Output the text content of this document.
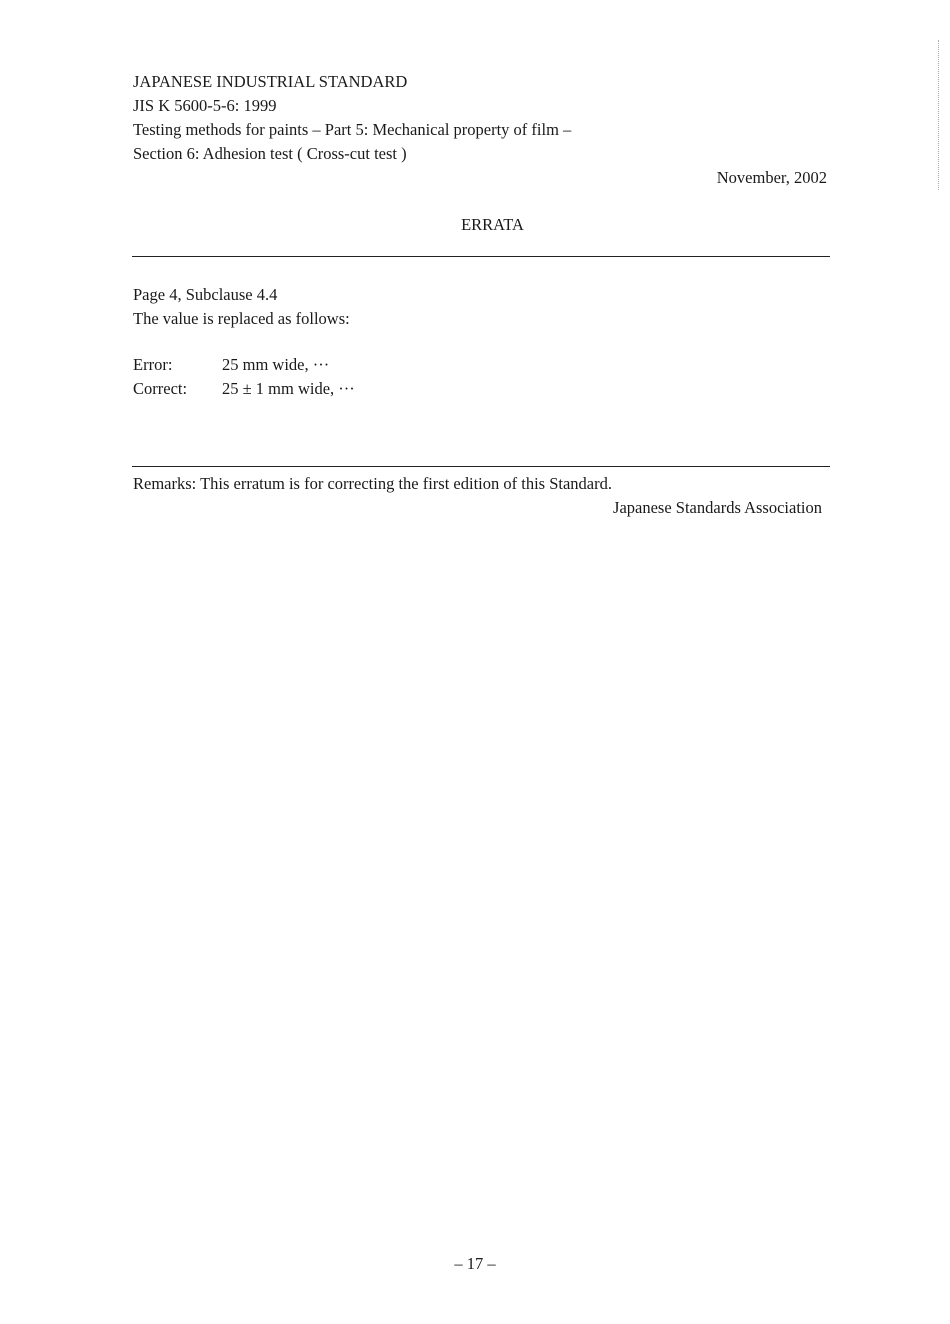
JAPANESE INDUSTRIAL STANDARD
JIS K 5600-5-6: 1999
Testing methods for paints – Part 5: Mechanical property of film –
Section 6: Adhesion test ( Cross-cut test )
November, 2002
ERRATA
Page 4, Subclause 4.4
The value is replaced as follows:
Error:	25 mm wide, ···
Correct:	25 ± 1 mm wide, ···
Remarks: This erratum is for correcting the first edition of this Standard.
Japanese Standards Association
– 17 –
